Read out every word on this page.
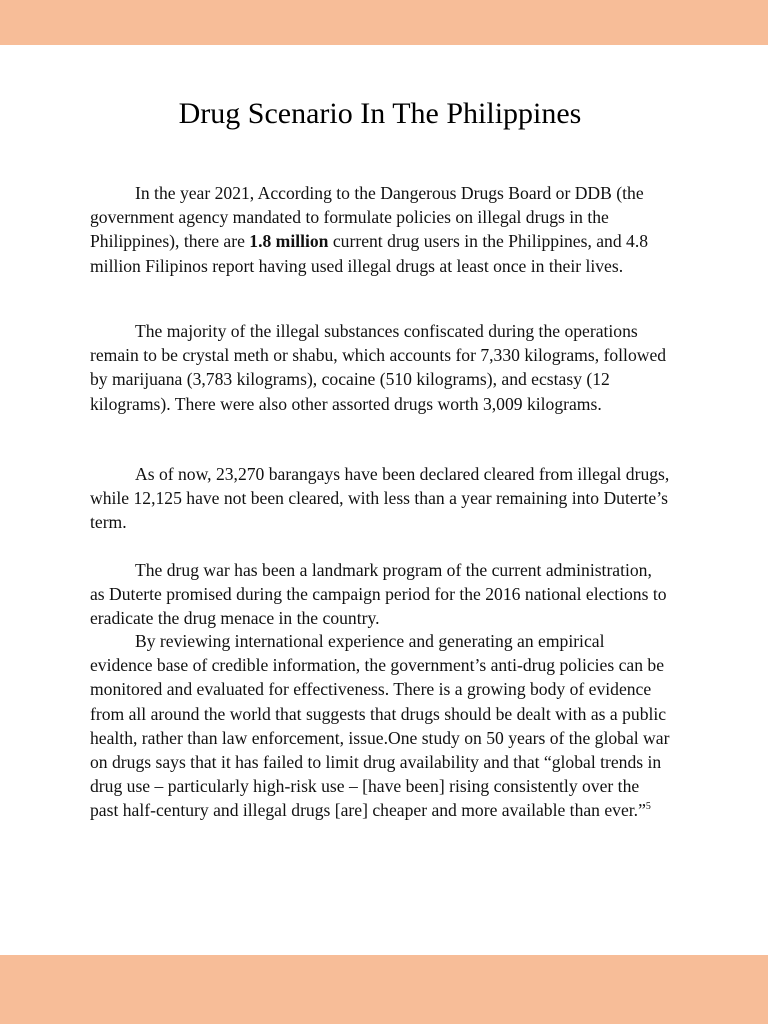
Drug Scenario In The Philippines

In the year 2021, According to the Dangerous Drugs Board or DDB (the government agency mandated to formulate policies on illegal drugs in the Philippines), there are 1.8 million current drug users in the Philippines, and 4.8 million Filipinos report having used illegal drugs at least once in their lives.

The majority of the illegal substances confiscated during the operations remain to be crystal meth or shabu, which accounts for 7,330 kilograms, followed by marijuana (3,783 kilograms), cocaine (510 kilograms), and ecstasy (12 kilograms). There were also other assorted drugs worth 3,009 kilograms.

As of now, 23,270 barangays have been declared cleared from illegal drugs, while 12,125 have not been cleared, with less than a year remaining into Duterte’s term.

The drug war has been a landmark program of the current administration, as Duterte promised during the campaign period for the 2016 national elections to eradicate the drug menace in the country.

By reviewing international experience and generating an empirical evidence base of credible information, the government’s anti-drug policies can be monitored and evaluated for effectiveness. There is a growing body of evidence from all around the world that suggests that drugs should be dealt with as a public health, rather than law enforcement, issue.One study on 50 years of the global war on drugs says that it has failed to limit drug availability and that “global trends in drug use – particularly high-risk use – [have been] rising consistently over the past half-century and illegal drugs [are] cheaper and more available than ever.”$^5$
